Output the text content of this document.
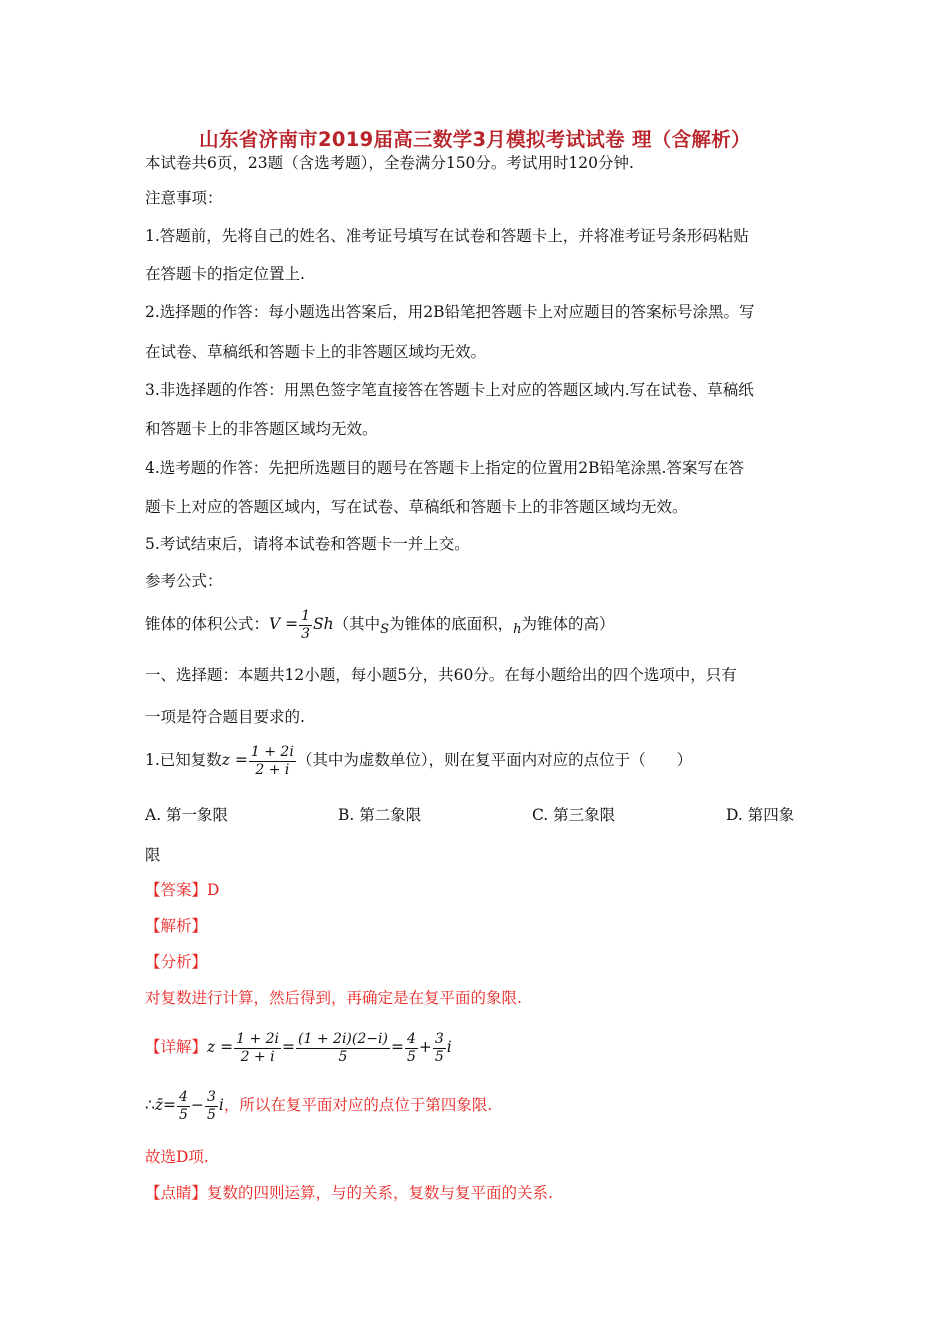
山东省济南市2019届高三数学3月模拟考试试卷 理（含解析）
本试卷共6页，23题（含选考题），全卷满分150分。考试用时120分钟.
注意事项：
1.答题前，先将自己的姓名、准考证号填写在试卷和答题卡上，并将准考证号条形码粘贴
在答题卡的指定位置上.
2.选择题的作答：每小题选出答案后，用2B铅笔把答题卡上对应题目的答案标号涂黑。写
在试卷、草稿纸和答题卡上的非答题区域均无效。
3.非选择题的作答：用黑色签字笔直接答在答题卡上对应的答题区域内.写在试卷、草稿纸
和答题卡上的非答题区域均无效。
4.选考题的作答：先把所选题目的题号在答题卡上指定的位置用2B铅笔涂黑.答案写在答
题卡上对应的答题区域内，写在试卷、草稿纸和答题卡上的非答题区域均无效。
5.考试结束后，请将本试卷和答题卡一并上交。
参考公式：
锥体的体积公式：$V = \frac{1}{3} Sh$（其中$_S$为锥体的底面积，$_h$为锥体的高）
一、选择题：本题共12小题，每小题5分，共60分。在每小题给出的四个选项中，只有
一项是符合题目要求的.
1.已知复数$z = \frac{1 + 2i}{2 + i}$ （其中为虚数单位），则在复平面内对应的点位于（　　）
A. 第一象限	B. 第二象限	C. 第三象限	D. 第四象
限
【答案】D
【解析】
【分析】
对复数进行计算，然后得到，再确定是在复平面的象限.
【详解】$z = \frac{1 + 2i}{2 + i} = \frac{(1 + 2i)(2-i)}{5} = \frac{4}{5} + \frac{3}{5}$ i
∴z̄= $\frac{4}{5} - \frac{3}{5}$ i，所以在复平面对应的点位于第四象限.
故选D项.
【点睛】复数的四则运算，与的关系，复数与复平面的关系.
